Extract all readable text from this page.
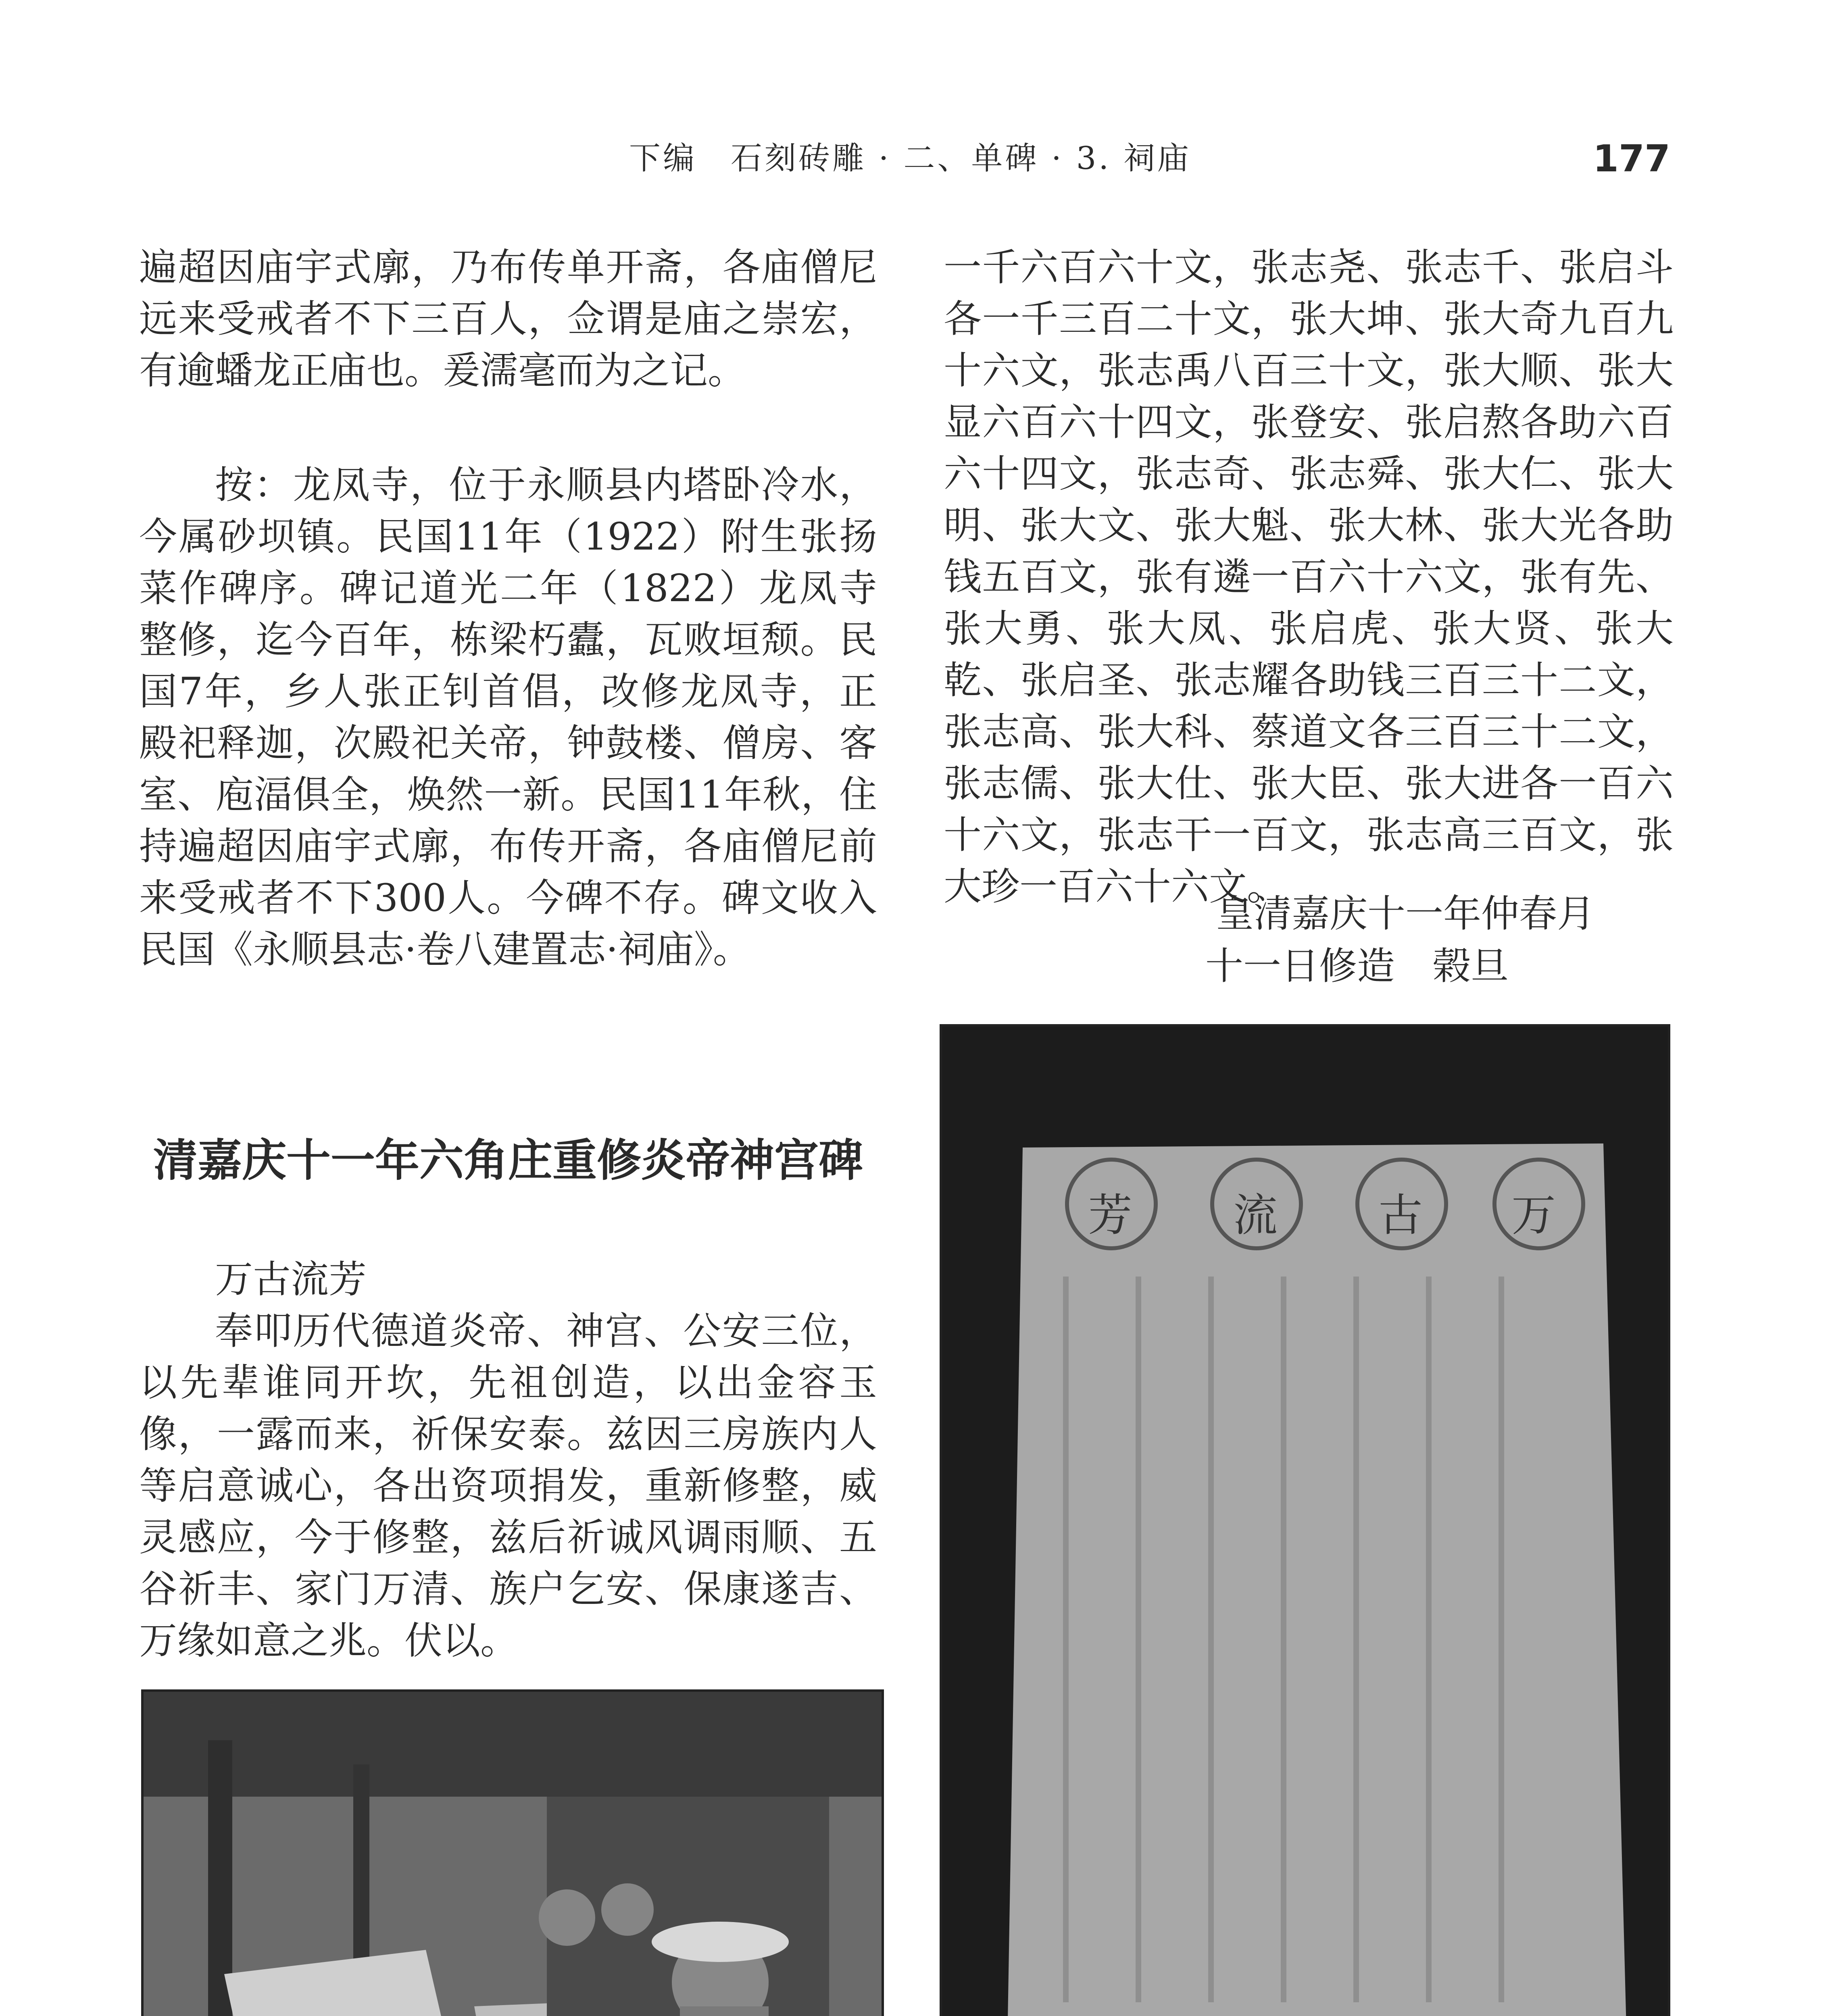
下编　石刻砖雕 · 二、单碑 · 3. 祠庙	177

遍超因庙宇式廓，乃布传单开斋，各庙僧尼远来受戒者不下三百人，佥谓是庙之崇宏，有逾蟠龙正庙也。爰濡毫而为之记。

按：龙凤寺，位于永顺县内塔卧冷水，今属砂坝镇。民国11年（1922）附生张扬菜作碑序。碑记道光二年（1822）龙凤寺整修，迄今百年，栋梁朽蠹，瓦败垣颓。民国7年，乡人张正钊首倡，改修龙凤寺，正殿祀释迦，次殿祀关帝，钟鼓楼、僧房、客室、庖湢俱全，焕然一新。民国11年秋，住持遍超因庙宇式廓，布传开斋，各庙僧尼前来受戒者不下300人。今碑不存。碑文收入民国《永顺县志·卷八建置志·祠庙》。

清嘉庆十一年六角庄重修炎帝神宫碑

万古流芳

奉叩历代德道炎帝、神宫、公安三位，以先辈谁同开坎，先祖创造，以出金容玉像，一露而来，祈保安泰。兹因三房族内人等启意诚心，各出资项捐发，重新修整，威灵感应，今于修整，兹后祈诚风调雨顺、五谷祈丰、家门万清、族户乞安、保康遂吉、万缘如意之兆。伏以。

一千六百六十文，张志尧、张志千、张启斗各一千三百二十文，张大坤、张大奇九百九十六文，张志禹八百三十文，张大顺、张大显六百六十四文，张登安、张启熬各助六百六十四文，张志奇、张志舜、张大仁、张大明、张大文、张大魁、张大林、张大光各助钱五百文，张有遴一百六十六文，张有先、张大勇、张大凤、张启虎、张大贤、张大乾、张启圣、张志耀各助钱三百三十二文，张志高、张大科、蔡道文各三百三十二文，张志儒、张大仕、张大臣、张大进各一百六十六文，张志干一百文，张志高三百文，张大珍一百六十六文。

皇清嘉庆十一年仲春月
十一日修造　榖旦
万
古
流
芳
